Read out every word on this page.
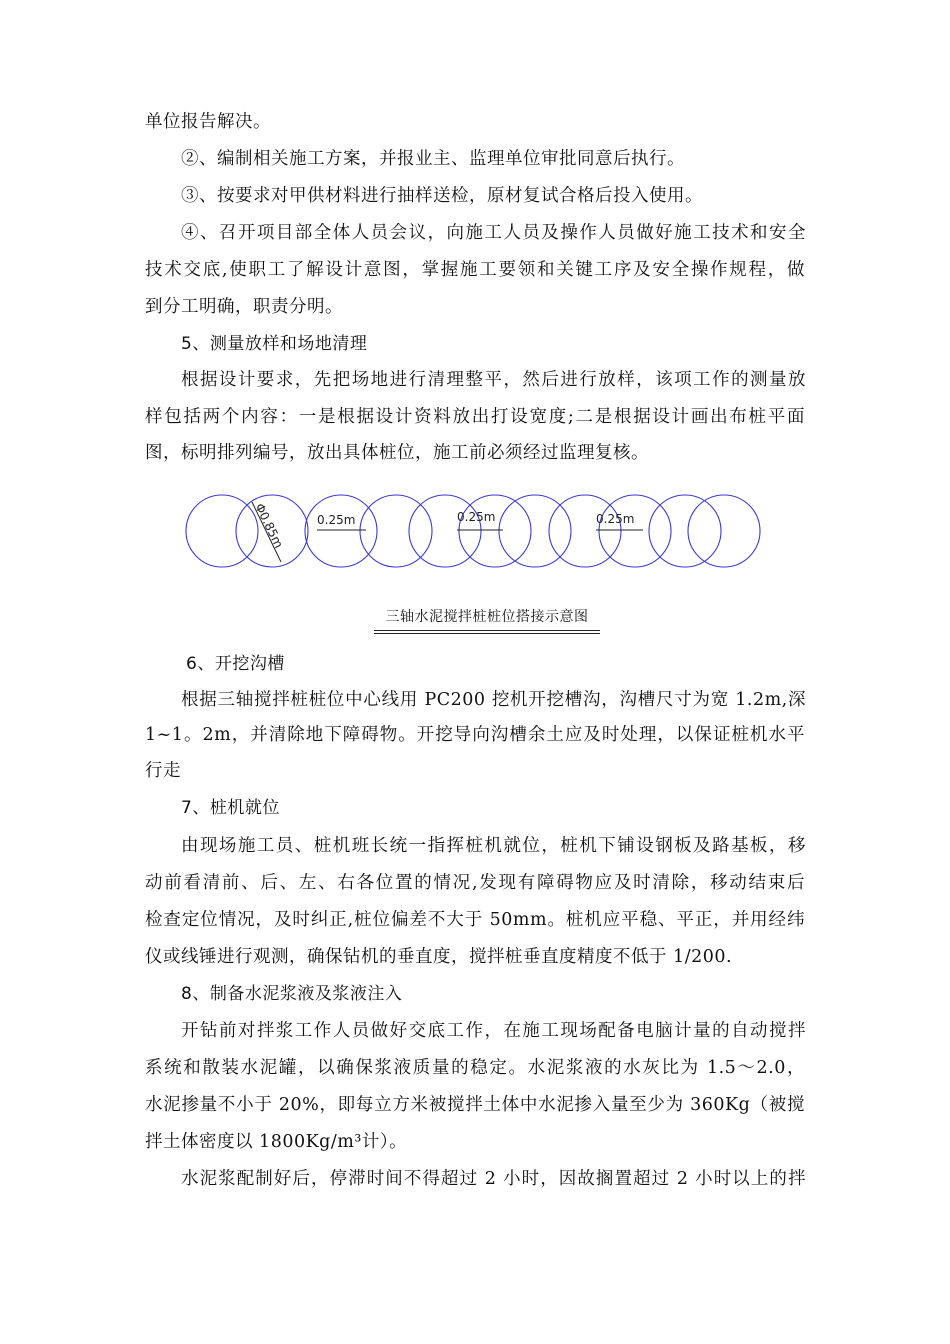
单位报告解决。
②、编制相关施工方案，并报业主、监理单位审批同意后执行。
③、按要求对甲供材料进行抽样送检，原材复试合格后投入使用。
④、召开项目部全体人员会议，向施工人员及操作人员做好施工技术和安全
技术交底,使职工了解设计意图，掌握施工要领和关键工序及安全操作规程，做
到分工明确，职责分明。
5、测量放样和场地清理
根据设计要求，先把场地进行清理整平，然后进行放样，该项工作的测量放
样包括两个内容：一是根据设计资料放出打设宽度;二是根据设计画出布桩平面
图，标明排列编号，放出具体桩位，施工前必须经过监理复核。
Φ0.85m	0.25m	0.25m	0.25m
三轴水泥搅拌桩桩位搭接示意图
6、开挖沟槽
根据三轴搅拌桩桩位中心线用 PC200 挖机开挖槽沟，沟槽尺寸为宽 1.2m,深
1~1。2m，并清除地下障碍物。开挖导向沟槽余土应及时处理，以保证桩机水平
行走
7、桩机就位
由现场施工员、桩机班长统一指挥桩机就位，桩机下铺设钢板及路基板，移
动前看清前、后、左、右各位置的情况,发现有障碍物应及时清除，移动结束后
检查定位情况，及时纠正,桩位偏差不大于 50mm。桩机应平稳、平正，并用经纬
仪或线锤进行观测，确保钻机的垂直度，搅拌桩垂直度精度不低于 1/200.
8、制备水泥浆液及浆液注入
开钻前对拌浆工作人员做好交底工作，在施工现场配备电脑计量的自动搅拌
系统和散装水泥罐，以确保浆液质量的稳定。水泥浆液的水灰比为 1.5～2.0，
水泥掺量不小于 20%，即每立方米被搅拌土体中水泥掺入量至少为 360Kg（被搅
拌土体密度以 1800Kg/m³计）。
水泥浆配制好后，停滞时间不得超过 2 小时，因故搁置超过 2 小时以上的拌
